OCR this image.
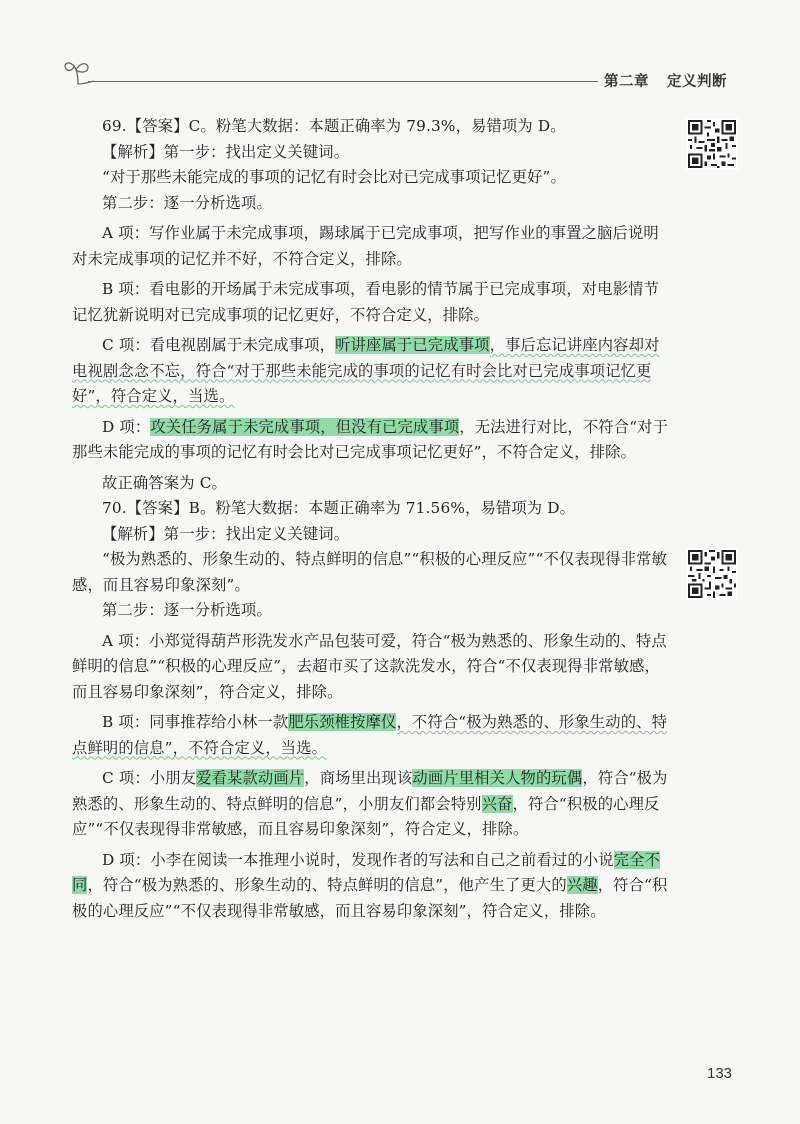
第二章 定义判断

69.【答案】C。粉笔大数据：本题正确率为 79.3%，易错项为 D。

【解析】第一步：找出定义关键词。

“对于那些未能完成的事项的记忆有时会比对已完成事项记忆更好”。

第二步：逐一分析选项。

A 项：写作业属于未完成事项，踢球属于已完成事项，把写作业的事置之脑后说明对未完成事项的记忆并不好，不符合定义，排除。

B 项：看电影的开场属于未完成事项，看电影的情节属于已完成事项，对电影情节记忆犹新说明对已完成事项的记忆更好，不符合定义，排除。

C 项：看电视剧属于未完成事项，听讲座属于已完成事项，事后忘记讲座内容却对电视剧念念不忘，符合“对于那些未能完成的事项的记忆有时会比对已完成事项记忆更好”，符合定义，当选。

D 项：攻关任务属于未完成事项，但没有已完成事项，无法进行对比，不符合“对于那些未能完成的事项的记忆有时会比对已完成事项记忆更好”，不符合定义，排除。

故正确答案为 C。

70.【答案】B。粉笔大数据：本题正确率为 71.56%，易错项为 D。

【解析】第一步：找出定义关键词。

“极为熟悉的、形象生动的、特点鲜明的信息”“积极的心理反应”“不仅表现得非常敏感，而且容易印象深刻”。

第二步：逐一分析选项。

A 项：小郑觉得葫芦形洗发水产品包装可爱，符合“极为熟悉的、形象生动的、特点鲜明的信息”“积极的心理反应”，去超市买了这款洗发水，符合“不仅表现得非常敏感，而且容易印象深刻”，符合定义，排除。

B 项：同事推荐给小林一款肥乐颈椎按摩仪，不符合“极为熟悉的、形象生动的、特点鲜明的信息”，不符合定义，当选。

C 项：小朋友爱看某款动画片，商场里出现该动画片里相关人物的玩偶，符合“极为熟悉的、形象生动的、特点鲜明的信息”，小朋友们都会特别兴奋，符合“积极的心理反应”“不仅表现得非常敏感，而且容易印象深刻”，符合定义，排除。

D 项：小李在阅读一本推理小说时，发现作者的写法和自己之前看过的小说完全不同，符合“极为熟悉的、形象生动的、特点鲜明的信息”，他产生了更大的兴趣，符合“积极的心理反应”“不仅表现得非常敏感，而且容易印象深刻”，符合定义，排除。

133
